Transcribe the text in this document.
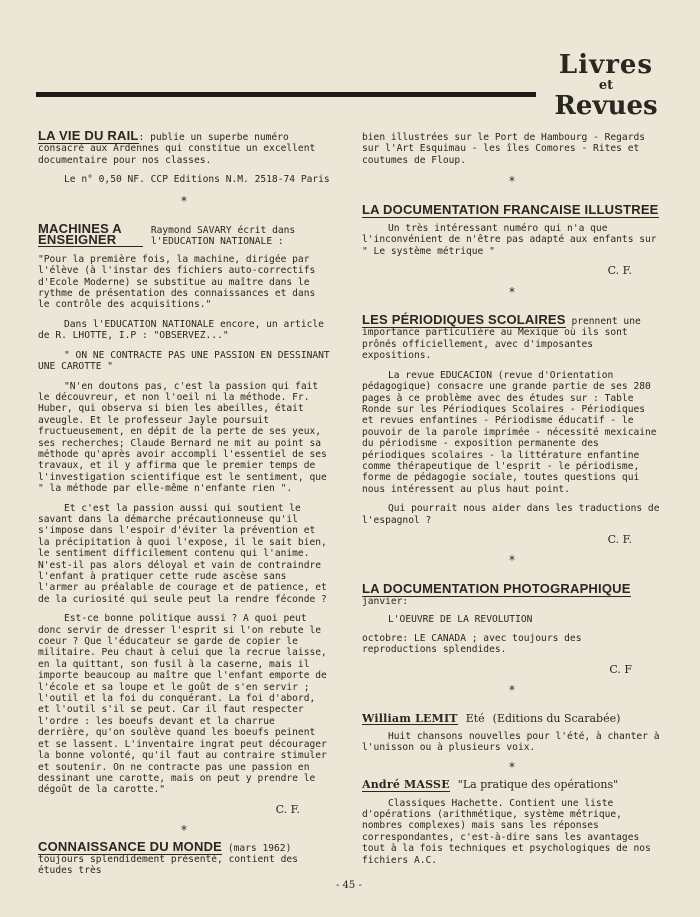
Livres
et
Revues

LA VIE DU RAIL: publie un superbe numéro consacré aux Ardennes qui constitue un excellent documentaire pour nos classes.

Le n° 0,50 NF. CCP Editions N.M. 2518-74 Paris

*
MACHINES A ENSEIGNER
Raymond SAVARY écrit dans l'EDUCATION NATIONALE :

"Pour la première fois, la machine, dirigée par l'élève (à l'instar des fichiers auto-correctifs d'Ecole Moderne) se substitue au maître dans le rythme de présentation des connaissances et dans le contrôle des acquisitions."

Dans l'EDUCATION NATIONALE encore, un article de R. LHOTTE, I.P : "OBSERVEZ..."

" ON NE CONTRACTE PAS UNE PASSION EN DESSINANT UNE CAROTTE "

"N'en doutons pas, c'est la passion qui fait le découvreur, et non l'oeil ni la méthode. Fr. Huber, qui observa si bien les abeilles, était aveugle. Et le professeur Jayle poursuit fructueusement, en dépit de la perte de ses yeux, ses recherches; Claude Bernard ne mit au point sa méthode qu'après avoir accompli l'essentiel de ses travaux, et il y affirma que le premier temps de l'investigation scientifique est le sentiment, que " la méthode par elle-même n'enfante rien ".

Et c'est la passion aussi qui soutient le savant dans la démarche précautionneuse qu'il s'impose dans l'espoir d'éviter la prévention et la précipitation à quoi l'expose, il le sait bien, le sentiment difficilement contenu qui l'anime. N'est-il pas alors déloyal et vain de contraindre l'enfant à pratiquer cette rude ascèse sans l'armer au préalable de courage et de patience, et de la curiosité qui seule peut la rendre féconde ?

Est-ce bonne politique aussi ? A quoi peut donc servir de dresser l'esprit si l'on rebute le coeur ? Que l'éducateur se garde de copier le militaire. Peu chaut à celui que la recrue laisse, en la quittant, son fusil à la caserne, mais il importe beaucoup au maître que l'enfant emporte de l'école et sa loupe et le goût de s'en servir ; l'outil et la foi du conquérant. La foi d'abord, et l'outil s'il se peut. Car il faut respecter l'ordre : les boeufs devant et la charrue derrière, qu'on soulève quand les boeufs peinent et se lassent. L'inventaire ingrat peut décourager la bonne volonté, qu'il faut au contraire stimuler et soutenir. On ne contracte pas une passion en dessinant une carotte, mais on peut y prendre le dégoût de la carotte."

C. F.
*

CONNAISSANCE DU MONDE (mars 1962) toujours splendidement présenté, contient des études très

bien illustrées sur le Port de Hambourg - Regards sur l'Art Esquimau - les îles Comores - Rites et coutumes de Floup.

*
LA DOCUMENTATION FRANCAISE ILLUSTREE

Un très intéressant numéro qui n'a que l'inconvénient de n'être pas adapté aux enfants sur " Le système métrique "

C. F.
*

LES PÉRIODIQUES SCOLAIRES prennent une importance particulière au Mexique où ils sont prônés officiellement, avec d'imposantes expositions.

La revue EDUCACION (revue d'Orientation pédagogique) consacre une grande partie de ses 280 pages à ce problème avec des études sur : Table Ronde sur les Périodiques Scolaires - Périodiques et revues enfantines - Périodisme éducatif - le pouvoir de la parole imprimée - nécessité mexicaine du périodisme - exposition permanente des périodiques scolaires - la littérature enfantine comme thérapeutique de l'esprit - le périodisme, forme de pédagogie sociale, toutes questions qui nous intéressent au plus haut point.

Qui pourrait nous aider dans les traductions de l'espagnol ?

C. F.
*
LA DOCUMENTATION PHOTOGRAPHIQUE janvier:

L'OEUVRE DE LA REVOLUTION

octobre: LE CANADA ; avec toujours des reproductions splendides.

C. F
*
William LEMIT Eté (Editions du Scarabée)

Huit chansons nouvelles pour l'été, à chanter à l'unisson ou à plusieurs voix.

*
André MASSE "La pratique des opérations"

Classiques Hachette. Contient une liste d'opérations (arithmétique, système métrique, nombres complexes) mais sans les réponses correspondantes, c'est-à-dire sans les avantages tout à la fois techniques et psychologiques de nos fichiers A.C.

- 45 -
